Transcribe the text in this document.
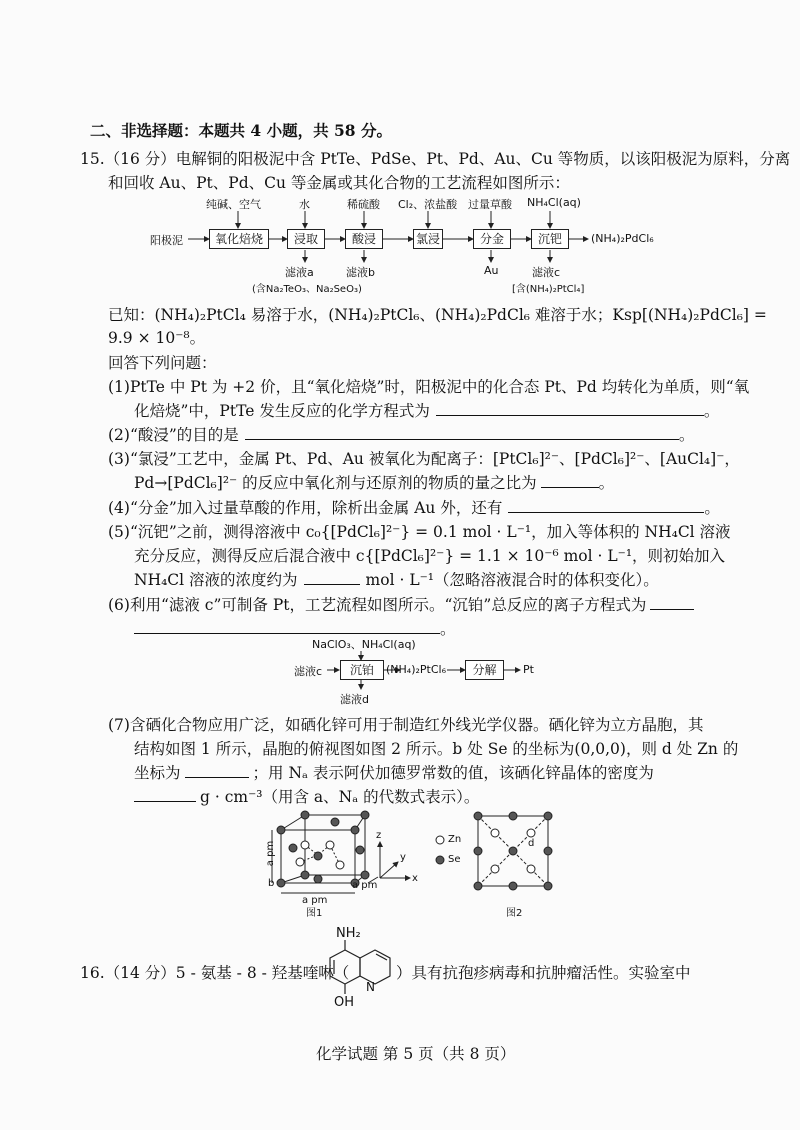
二、非选择题：本题共 4 小题，共 58 分。
15.（16 分）电解铜的阳极泥中含 PtTe、PdSe、Pt、Pd、Au、Cu 等物质，以该阳极泥为原料，分离
和回收 Au、Pt、Pd、Cu 等金属或其化合物的工艺流程如图所示：
纯碱、空气	水	稀硫酸 Cl₂、浓盐酸 过量草酸 NH₄Cl(aq)
阳极泥	氧化焙烧	浸取	酸浸	氯浸	分金	沉钯	(NH₄)₂PdCl₆
滤液a	滤液b	Au	滤液c
(含Na₂TeO₃、Na₂SeO₃)	[含(NH₄)₂PtCl₄]
已知：(NH₄)₂PtCl₄ 易溶于水，(NH₄)₂PtCl₆、(NH₄)₂PdCl₆ 难溶于水；Ksp[(NH₄)₂PdCl₆] =
9.9 × 10⁻⁸。
回答下列问题：
(1)PtTe 中 Pt 为 +2 价，且“氧化焙烧”时，阳极泥中的化合态 Pt、Pd 均转化为单质，则“氧
化焙烧”中，PtTe 发生反应的化学方程式为	。
(2)“酸浸”的目的是	。
(3)“氯浸”工艺中，金属 Pt、Pd、Au 被氧化为配离子：[PtCl₆]²⁻、[PdCl₆]²⁻、[AuCl₄]⁻，
Pd→[PdCl₆]²⁻ 的反应中氧化剂与还原剂的物质的量之比为	。
(4)“分金”加入过量草酸的作用，除析出金属 Au 外，还有	。
(5)“沉钯”之前，测得溶液中 c₀{[PdCl₆]²⁻} = 0.1 mol · L⁻¹，加入等体积的 NH₄Cl 溶液
充分反应，测得反应后混合液中 c{[PdCl₆]²⁻} = 1.1 × 10⁻⁶ mol · L⁻¹，则初始加入
NH₄Cl 溶液的浓度约为	mol · L⁻¹（忽略溶液混合时的体积变化）。
(6)利用“滤液 c”可制备 Pt，工艺流程如图所示。“沉铂”总反应的离子方程式为
。
NaClO₃、NH₄Cl(aq)
滤液c	沉铂	(NH₄)₂PtCl₆	分解	Pt
滤液d
(7)含硒化合物应用广泛，如硒化锌可用于制造红外线光学仪器。硒化锌为立方晶胞，其
结构如图 1 所示，晶胞的俯视图如图 2 所示。b 处 Se 的坐标为(0,0,0)，则 d 处 Zn 的
坐标为	；用 Nₐ 表示阿伏加德罗常数的值，该硒化锌晶体的密度为
g · cm⁻³（用含 a、Nₐ 的代数式表示）。
a pm
a pm
a pm
b
z
y
x
图1
Zn
Se
d
图2
16.（14 分）5 - 氨基 - 8 - 羟基喹啉（
NH₂
OH
N
）具有抗孢疹病毒和抗肿瘤活性。实验室中
化学试题 第 5 页（共 8 页）
